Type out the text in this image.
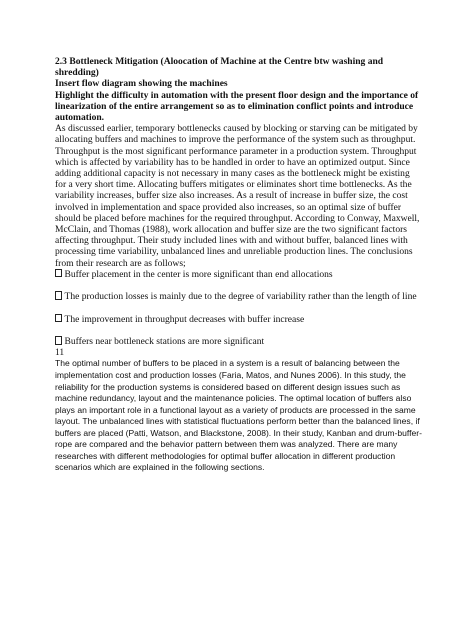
2.3 Bottleneck Mitigation (Aloocation of Machine at the Centre btw washing and shredding)

Insert flow diagram showing the machines

Highlight the difficulty in automation with the present floor design and the importance of linearization of the entire arrangement so as to elimination conflict points and introduce automation.

As discussed earlier, temporary bottlenecks caused by blocking or starving can be mitigated by allocating buffers and machines to improve the performance of the system such as throughput. Throughput is the most significant performance parameter in a production system. Throughput which is affected by variability has to be handled in order to have an optimized output. Since adding additional capacity is not necessary in many cases as the bottleneck might be existing for a very short time. Allocating buffers mitigates or eliminates short time bottlenecks. As the variability increases, buffer size also increases. As a result of increase in buffer size, the cost involved in implementation and space provided also increases, so an optimal size of buffer should be placed before machines for the required throughput. According to Conway, Maxwell, McClain, and Thomas (1988), work allocation and buffer size are the two significant factors affecting throughput. Their study included lines with and without buffer, balanced lines with processing time variability, unbalanced lines and unreliable production lines. The conclusions from their research are as follows;

Buffer placement in the center is more significant than end allocations

The production losses is mainly due to the degree of variability rather than the length of line

The improvement in throughput decreases with buffer increase

Buffers near bottleneck stations are more significant

11

The optimal number of buffers to be placed in a system is a result of balancing between the implementation cost and production losses (Faria, Matos, and Nunes 2006). In this study, the reliability for the production systems is considered based on different design issues such as machine redundancy, layout and the maintenance policies. The optimal location of buffers also plays an important role in a functional layout as a variety of products are processed in the same layout. The unbalanced lines with statistical fluctuations perform better than the balanced lines, if buffers are placed (Patti, Watson, and Blackstone, 2008). In their study, Kanban and drum-buffer-rope are compared and the behavior pattern between them was analyzed. There are many researches with different methodologies for optimal buffer allocation in different production scenarios which are explained in the following sections.
